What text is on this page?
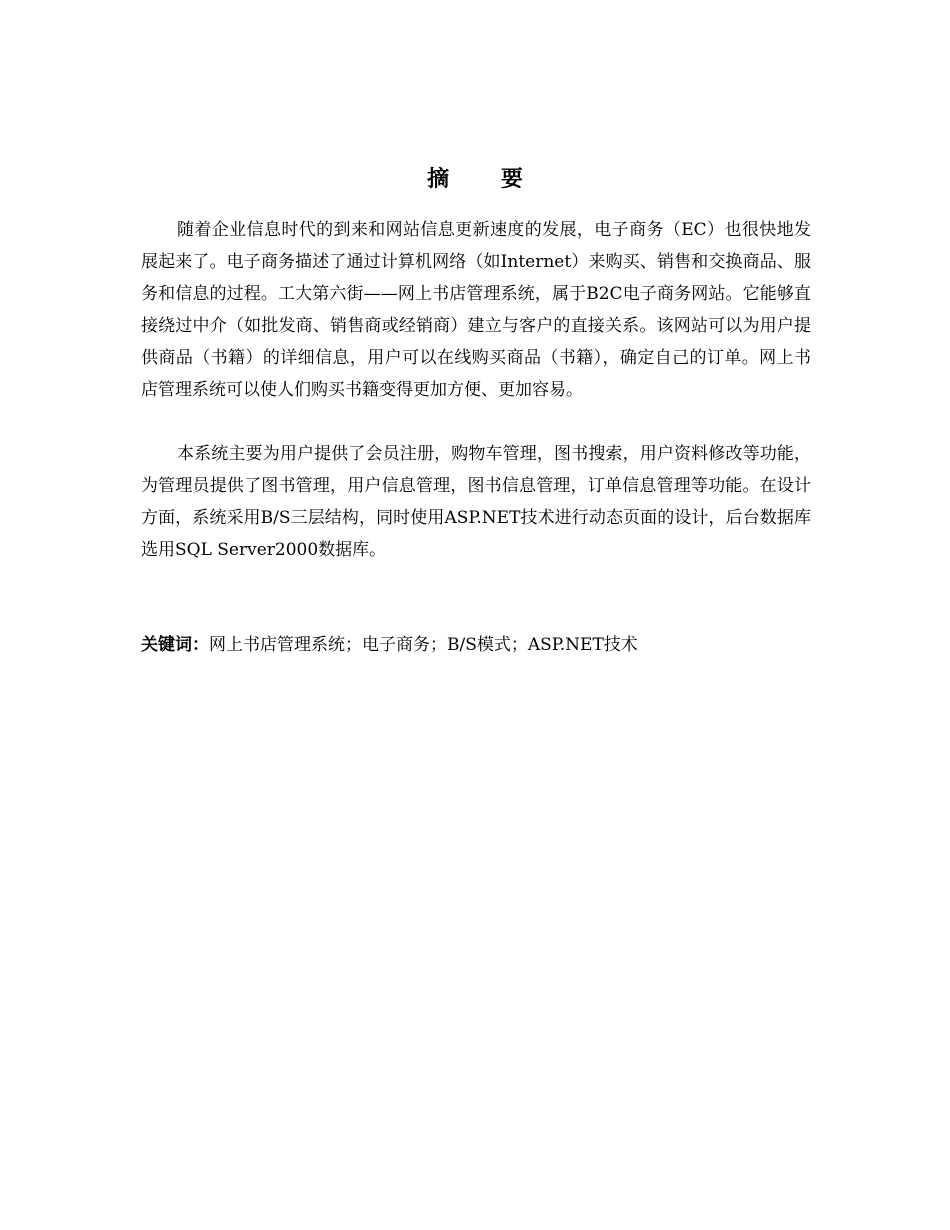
摘 要

随着企业信息时代的到来和网站信息更新速度的发展，电子商务（EC）也很快地发展起来了。电子商务描述了通过计算机网络（如Internet）来购买、销售和交换商品、服务和信息的过程。工大第六街——网上书店管理系统，属于B2C电子商务网站。它能够直接绕过中介（如批发商、销售商或经销商）建立与客户的直接关系。该网站可以为用户提供商品（书籍）的详细信息，用户可以在线购买商品（书籍），确定自己的订单。网上书店管理系统可以使人们购买书籍变得更加方便、更加容易。

本系统主要为用户提供了会员注册，购物车管理，图书搜索，用户资料修改等功能，为管理员提供了图书管理，用户信息管理，图书信息管理，订单信息管理等功能。在设计方面，系统采用B/S三层结构，同时使用ASP.NET技术进行动态页面的设计，后台数据库选用SQL Server2000数据库。

关键词：网上书店管理系统；电子商务；B/S模式；ASP.NET技术
